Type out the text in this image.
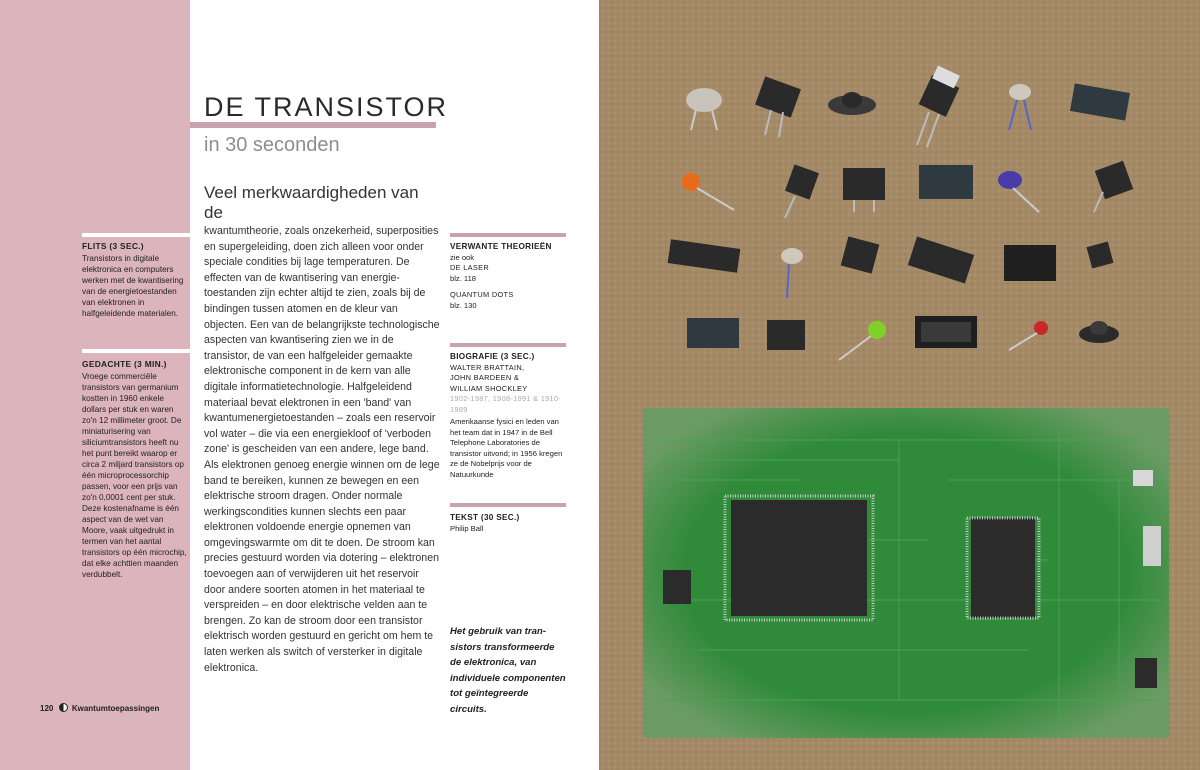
FLITS (3 SEC.)
Transistors in digitale elektronica en computers werken met de kwantisering van de energietoestanden van elektronen in halfgeleidende materialen.
GEDACHTE (3 MIN.)
Vroege commerciële transistors van germanium kostten in 1960 enkele dollars per stuk en waren zo'n 12 millimeter groot. De miniaturisering van siliciumtransistors heeft nu het punt bereikt waarop er circa 2 miljard transistors op één microprocessorchip passen, voor een prijs van zo'n 0,0001 cent per stuk. Deze kostenafname is één aspect van de wet van Moore, vaak uitgedrukt in termen van het aantal transistors op één microchip, dat elke achttien maanden verdubbelt.
DE TRANSISTOR
in 30 seconden
Veel merkwaardigheden van de

kwantumtheorie, zoals onzekerheid, superposities en supergeleiding, doen zich alleen voor onder speciale condities bij lage temperaturen. De effecten van de kwantisering van energietoestanden zijn echter altijd te zien, zoals bij de bindingen tussen atomen en de kleur van objecten. Een van de belangrijkste technologische aspecten van kwantisering zien we in de transistor, de van een halfgeleider gemaakte elektronische component in de kern van alle digitale informatietechnologie. Halfgeleidend materiaal bevat elektronen in een 'band' van kwantumenergietoestanden – zoals een reservoir vol water – die via een energiekloof of 'verboden zone' is gescheiden van een andere, lege band. Als elektronen genoeg energie winnen om de lege band te bereiken, kunnen ze bewegen en een elektrische stroom dragen. Onder normale werkingscondities kunnen slechts een paar elektronen voldoende energie opnemen van omgevingswarmte om dit te doen. De stroom kan precies gestuurd worden via dotering – elektronen toevoegen aan of verwijderen uit het reservoir door andere soorten atomen in het materiaal te verspreiden – en door elektrische velden aan te brengen. Zo kan de stroom door een transistor elektrisch worden gestuurd en gericht om hem te laten werken als switch of versterker in digitale elektronica.

VERWANTE THEORIEËN
zie ook
DE LASER
blz. 118
QUANTUM DOTS
blz. 130
BIOGRAFIE (3 SEC.)
WALTER BRATTAIN,
JOHN BARDEEN &
WILLIAM SHOCKLEY
1902-1987, 1908-1991 & 1910-1989
Amerikaanse fysici en leden van het team dat in 1947 in de Bell Telephone Laboratories de transistor uitvond; in 1956 kregen ze de Nobelprijs voor de Natuurkunde
TEKST (30 SEC.)
Philip Ball
Het gebruik van transistors transformeerde de elektronica, van individuele componenten tot geïntegreerde circuits.
120 Kwantumtoepassingen
